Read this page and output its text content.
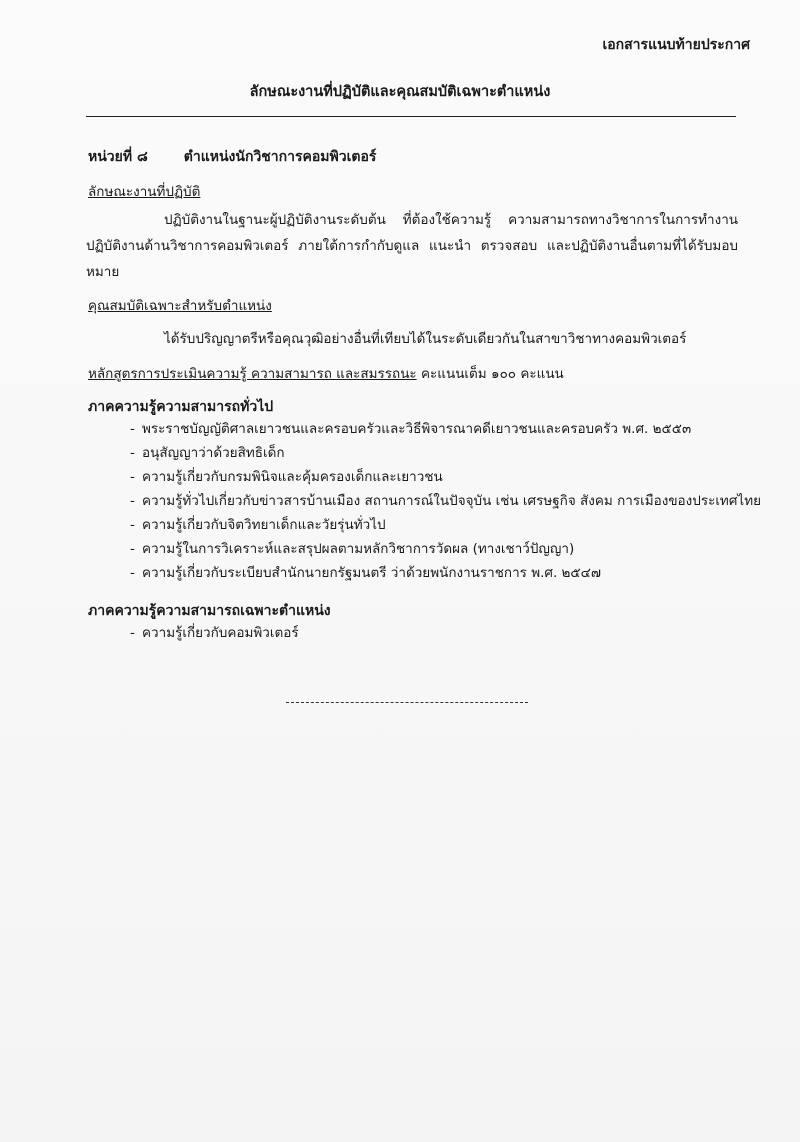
เอกสารแนบท้ายประกาศ
ลักษณะงานที่ปฏิบัติและคุณสมบัติเฉพาะตำแหน่ง
หน่วยที่ ๘	ตำแหน่งนักวิชาการคอมพิวเตอร์
ลักษณะงานที่ปฏิบัติ
ปฏิบัติงานในฐานะผู้ปฏิบัติงานระดับต้น ที่ต้องใช้ความรู้ ความสามารถทางวิชาการในการทำงาน ปฏิบัติงานด้านวิชาการคอมพิวเตอร์ ภายใต้การกำกับดูแล แนะนำ ตรวจสอบ และปฏิบัติงานอื่นตามที่ได้รับมอบหมาย
คุณสมบัติเฉพาะสำหรับตำแหน่ง
ได้รับปริญญาตรีหรือคุณวุฒิอย่างอื่นที่เทียบได้ในระดับเดียวกันในสาขาวิชาทางคอมพิวเตอร์
หลักสูตรการประเมินความรู้ ความสามารถ และสมรรถนะ คะแนนเต็ม ๑๐๐ คะแนน
ภาคความรู้ความสามารถทั่วไป
- พระราชบัญญัติศาลเยาวชนและครอบครัวและวิธีพิจารณาคดีเยาวชนและครอบครัว พ.ศ. ๒๕๕๓
- อนุสัญญาว่าด้วยสิทธิเด็ก
- ความรู้เกี่ยวกับกรมพินิจและคุ้มครองเด็กและเยาวชน
- ความรู้ทั่วไปเกี่ยวกับข่าวสารบ้านเมือง สถานการณ์ในปัจจุบัน เช่น เศรษฐกิจ สังคม การเมืองของประเทศไทย
- ความรู้เกี่ยวกับจิตวิทยาเด็กและวัยรุ่นทั่วไป
- ความรู้ในการวิเคราะห์และสรุปผลตามหลักวิชาการวัดผล (ทางเชาว์ปัญญา)
- ความรู้เกี่ยวกับระเบียบสำนักนายกรัฐมนตรี ว่าด้วยพนักงานราชการ พ.ศ. ๒๕๔๗
ภาคความรู้ความสามารถเฉพาะตำแหน่ง
- ความรู้เกี่ยวกับคอมพิวเตอร์
